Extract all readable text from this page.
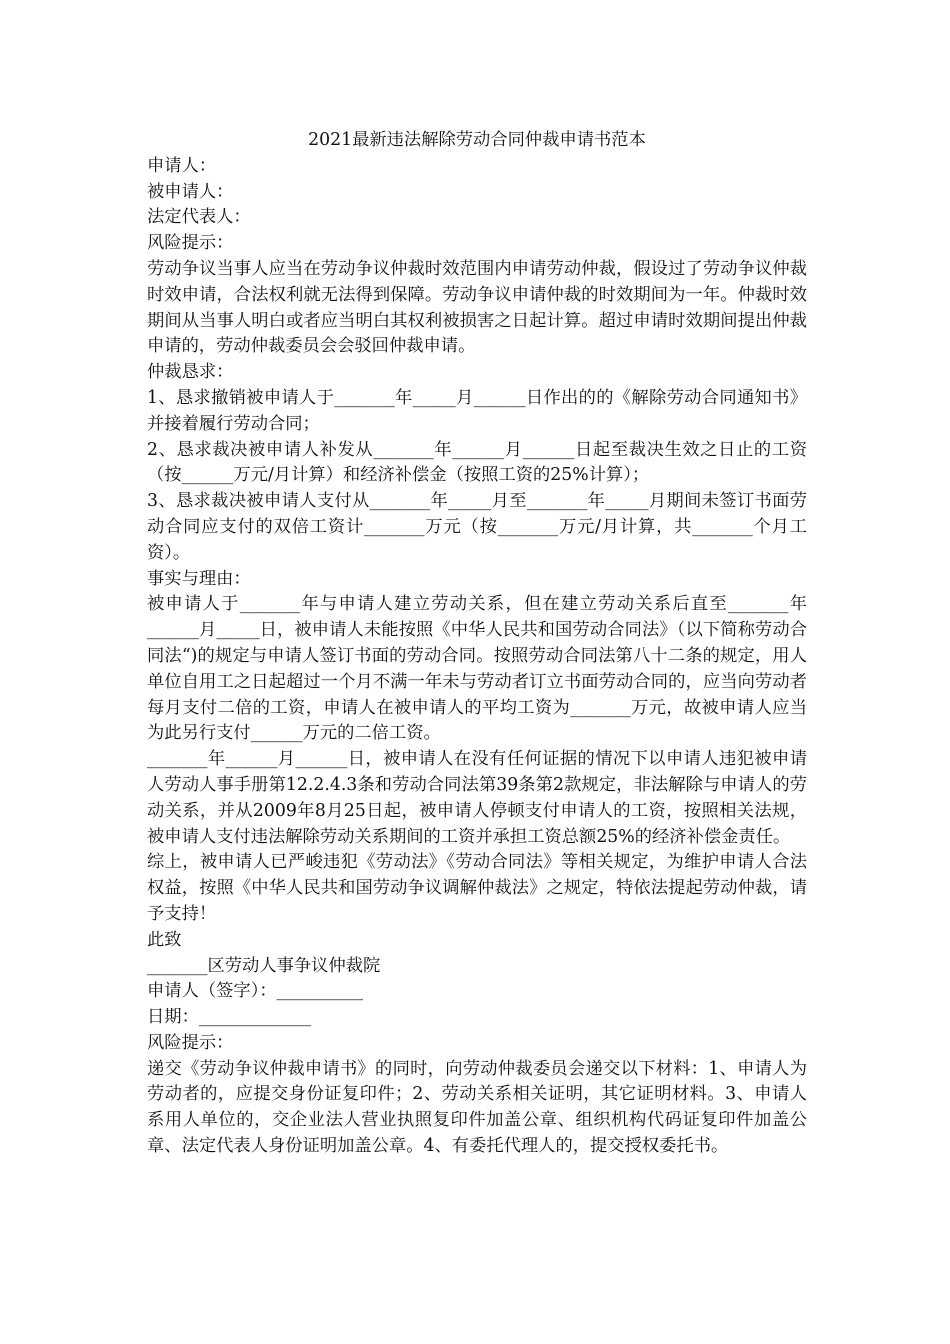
2021最新违法解除劳动合同仲裁申请书范本

申请人：

被申请人：

法定代表人：

风险提示：

劳动争议当事人应当在劳动争议仲裁时效范围内申请劳动仲裁，假设过了劳动争议仲裁时效申请，合法权利就无法得到保障。劳动争议申请仲裁的时效期间为一年。仲裁时效期间从当事人明白或者应当明白其权利被损害之日起计算。超过申请时效期间提出仲裁申请的，劳动仲裁委员会会驳回仲裁申请。

仲裁恳求：

1、恳求撤销被申请人于_______年_____月______日作出的的《解除劳动合同通知书》并接着履行劳动合同；

2、恳求裁决被申请人补发从_______年______月______日起至裁决生效之日止的工资（按______万元/月计算）和经济补偿金（按照工资的25%计算）；

3、恳求裁决被申请人支付从_______年_____月至_______年_____月期间未签订书面劳动合同应支付的双倍工资计_______万元（按_______万元/月计算，共_______个月工资）。

事实与理由：

被申请人于_______年与申请人建立劳动关系，但在建立劳动关系后直至_______年______月_____日，被申请人未能按照《中华人民共和国劳动合同法》（以下简称劳动合同法“)的规定与申请人签订书面的劳动合同。按照劳动合同法第八十二条的规定，用人单位自用工之日起超过一个月不满一年未与劳动者订立书面劳动合同的，应当向劳动者每月支付二倍的工资，申请人在被申请人的平均工资为_______万元，故被申请人应当为此另行支付______万元的二倍工资。

_______年______月______日，被申请人在没有任何证据的情况下以申请人违犯被申请人劳动人事手册第12.2.4.3条和劳动合同法第39条第2款规定，非法解除与申请人的劳动关系，并从2009年8月25日起，被申请人停顿支付申请人的工资，按照相关法规，被申请人支付违法解除劳动关系期间的工资并承担工资总额25%的经济补偿金责任。

综上，被申请人已严峻违犯《劳动法》《劳动合同法》等相关规定，为维护申请人合法权益，按照《中华人民共和国劳动争议调解仲裁法》之规定，特依法提起劳动仲裁，请予支持！

此致

_______区劳动人事争议仲裁院

申请人（签字）：__________

日期：_____________

风险提示：

递交《劳动争议仲裁申请书》的同时，向劳动仲裁委员会递交以下材料：1、申请人为劳动者的，应提交身份证复印件；2、劳动关系相关证明，其它证明材料。3、申请人系用人单位的，交企业法人营业执照复印件加盖公章、组织机构代码证复印件加盖公章、法定代表人身份证明加盖公章。4、有委托代理人的，提交授权委托书。
